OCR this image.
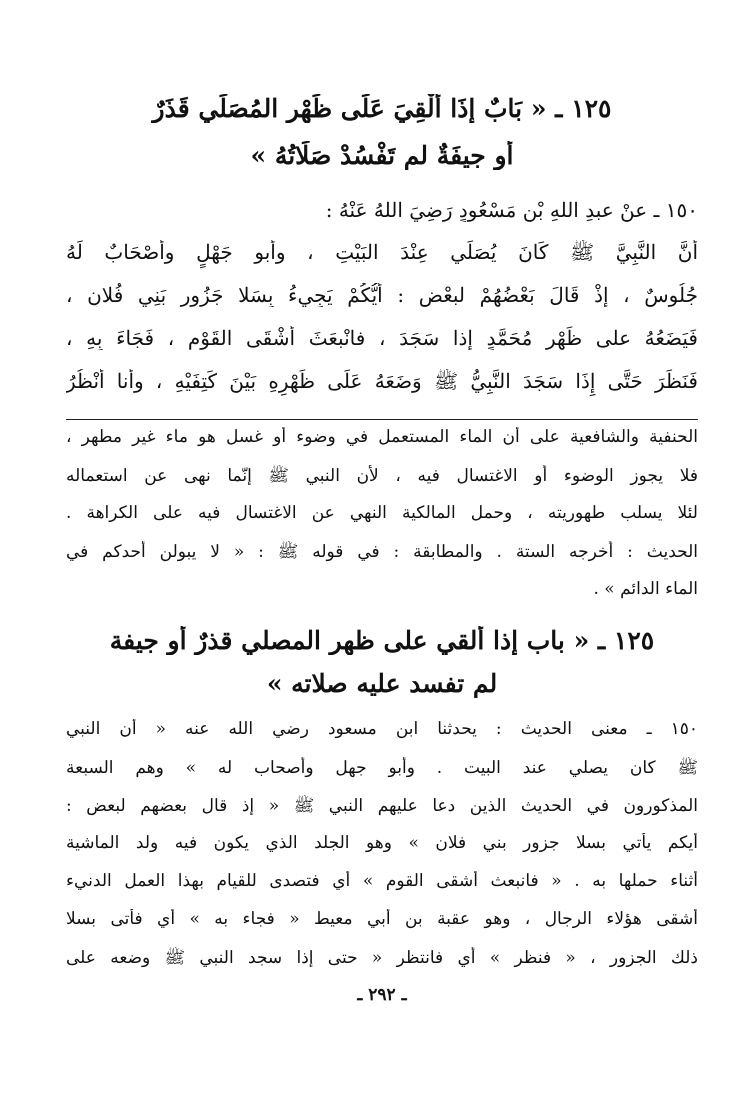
١٢٥ ـ « بَابٌ إِذَا أُلْقِيَ عَلَى ظَهْرِ المُصَلِّي قَذَرٌ
أو جيفَةٌ لم تَفْسُدْ صَلَاتُهُ »
١٥٠ ـ عنْ عبدِ اللهِ بْنِ مَسْعُودٍ رَضِيَ اللهُ عَنْهُ :
أَنَّ النَّبِيَّ ﷺ كَانَ يُصَلِّي عِنْدَ البَيْتِ ، وأبو جَهْلٍ وأصْحَابٌ لَهُ
جُلُوسٌ ، إِذْ قَالَ بَعْضُهُمْ لبعْضٍ : أَيُّكُمْ يَجِيءُ بِسَلا جَزُورِ بَنِي فُلانٍ ،
فَيَضَعُهُ على ظَهْرِ مُحَمَّدٍ إذا سَجَدَ ، فانْبعَثَ أشْقَى القَوْمِ ، فَجَاءَ بِهِ ،
فَنَظَرَ حَتَّى إِذَا سَجَدَ النَّبِيُّ ﷺ وَضَعَهُ عَلَى ظَهْرِهِ بَيْنَ كَتِفَيْهِ ، وأنا أَنْظُرُ
الحنفية والشافعية على أن الماء المستعمل في وضوء أو غسل هو ماء غير مطهر ،
فلا يجوز الوضوء أو الاغتسال فيه ، لأن النبي ﷺ إنّما نهى عن استعماله
لئلا يسلب طهوريته ، وحمل المالكية النهي عن الاغتسال فيه على الكراهة .
الحديث : أخرجه الستة . والمطابقة : في قوله ﷺ : « لا يبولن أحدكم في
الماء الدائم » .
١٢٥ ـ « باب إذا ألقي على ظهر المصلي قذرٌ أو جيفة
لم تفسد عليه صلاته »
١٥٠ ـ معنى الحديث : يحدثنا ابن مسعود رضي الله عنه « أن النبي
ﷺ كان يصلي عند البيت . وأبو جهل وأصحاب له » وهم السبعة
المذكورون في الحديث الذين دعا عليهم النبي ﷺ « إذ قال بعضهم لبعض :
أيكم يأتي بسلا جزور بني فلان » وهو الجلد الذي يكون فيه ولد الماشية
أثناء حملها به . « فانبعث أشقى القوم » أي فتصدى للقيام بهذا العمل الدنيء
أشقى هؤلاء الرجال ، وهو عقبة بن أبي معيط « فجاء به » أي فأتى بسلا
ذلك الجزور ، « فنظر » أي فانتظر « حتى إذا سجد النبي ﷺ وضعه على
ـ ٢٩٢ ـ
